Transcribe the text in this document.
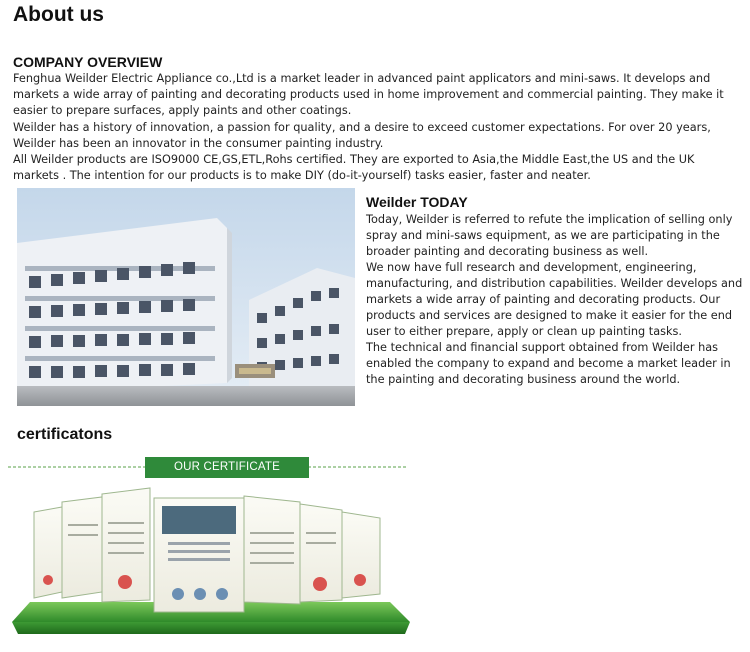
About us
COMPANY OVERVIEW

Fenghua Weilder Electric Appliance co.,Ltd is a market leader in advanced paint applicators and mini-saws. It develops and markets a wide array of painting and decorating products used in home improvement and commercial painting. They make it easier to prepare surfaces, apply paints and other coatings.

Weilder has a history of innovation, a passion for quality, and a desire to exceed customer expectations. For over 20 years, Weilder has been an innovator in the consumer painting industry.

All Weilder products are ISO9000 CE,GS,ETL,Rohs certified. They are exported to Asia,the Middle East,the US and the UK markets . The intention for our products is to make DIY (do-it-yourself) tasks easier, faster and neater.

Weilder TODAY
Today, Weilder is referred to refute the implication of selling only spray and mini-saws equipment, as we are participating in the broader painting and decorating business as well.
We now have full research and development, engineering, manufacturing, and distribution capabilities. Weilder develops and markets a wide array of painting and decorating products. Our products and services are designed to make it easier for the end user to either prepare, apply or clean up painting tasks.
The technical and financial support obtained from Weilder has enabled the company to expand and become a market leader in the painting and decorating business around the world.
certificatons
OUR CERTIFICATE
